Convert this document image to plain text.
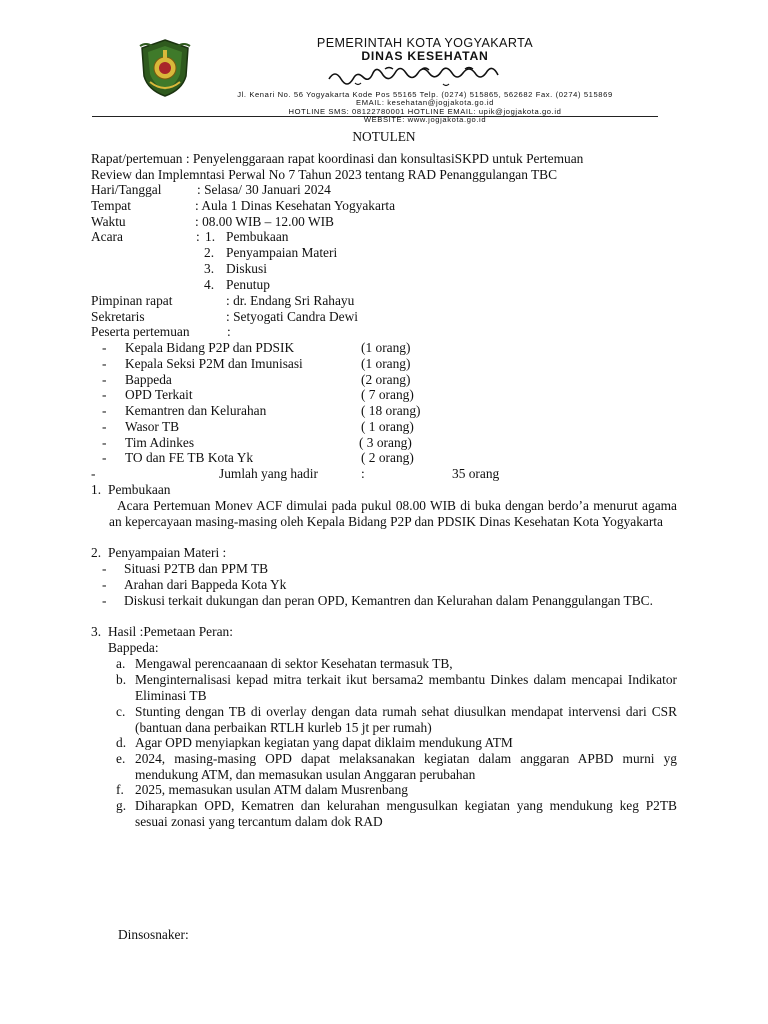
PEMERINTAH KOTA YOGYAKARTA
DINAS KESEHATAN
Jl. Kenari No. 56 Yogyakarta Kode Pos 55165 Telp. (0274) 515865, 562682 Fax. (0274) 515869
EMAIL: kesehatan@jogjakota.go.id
HOTLINE SMS: 08122780001 HOTLINE EMAIL: upik@jogjakota.go.id
WEBSITE: www.jogjakota.go.id
NOTULEN
Rapat/pertemuan : Penyelenggaraan rapat koordinasi dan konsultasiSKPD untuk Pertemuan
Review dan Implemntasi Perwal No 7 Tahun 2023 tentang RAD Penanggulangan TBC
Hari/Tanggal	: Selasa/ 30 Januari 2024
Tempat	: Aula 1 Dinas Kesehatan Yogyakarta
Waktu	: 08.00 WIB – 12.00 WIB
Acara	: 1. Pembukaan
2. Penyampaian Materi
3. Diskusi
4. Penutup
Pimpinan rapat	: dr. Endang Sri Rahayu
Sekretaris	: Setyogati Candra Dewi
Peserta pertemuan	:
- Kepala Bidang P2P dan PDSIK	(1 orang)
- Kepala Seksi P2M dan Imunisasi	(1 orang)
- Bappeda	(2 orang)
- OPD Terkait	( 7 orang)
- Kemantren dan Kelurahan	( 18 orang)
- Wasor TB	( 1 orang)
- Tim Adinkes	( 3 orang)
- TO dan FE TB Kota Yk	( 2 orang)
-	Jumlah yang hadir	:	35 orang
1. Pembukaan
Acara Pertemuan Monev ACF dimulai pada pukul 08.00 WIB di buka dengan berdo’a menurut agama an kepercayaan masing-masing oleh Kepala Bidang P2P dan PDSIK Dinas Kesehatan Kota Yogyakarta
2. Penyampaian Materi :
- Situasi P2TB dan PPM TB
- Arahan dari Bappeda Kota Yk
- Diskusi terkait dukungan dan peran OPD, Kemantren dan Kelurahan dalam Penanggulangan TBC.
3. Hasil :Pemetaan Peran:
Bappeda:
a. Mengawal perencaanaan di sektor Kesehatan termasuk TB,
b. Menginternalisasi kepad mitra terkait ikut bersama2 membantu Dinkes dalam mencapai Indikator Eliminasi TB
c. Stunting dengan TB di overlay dengan data rumah sehat diusulkan mendapat intervensi dari CSR (bantuan dana perbaikan RTLH kurleb 15 jt per rumah)
d. Agar OPD menyiapkan kegiatan yang dapat diklaim mendukung ATM
e. 2024, masing-masing OPD dapat melaksanakan kegiatan dalam anggaran APBD murni yg mendukung ATM, dan memasukan usulan Anggaran perubahan
f. 2025, memasukan usulan ATM dalam Musrenbang
g. Diharapkan OPD, Kematren dan kelurahan mengusulkan kegiatan yang mendukung keg P2TB sesuai zonasi yang tercantum dalam dok RAD
Dinsosnaker:
